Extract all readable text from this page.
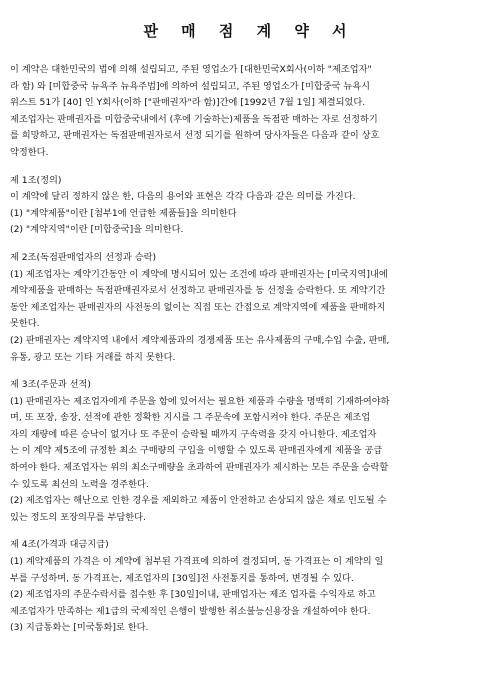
판 매 점 계 약 서
이 계약은 대한민국의 법에 의해 설립되고, 주된 영업소가 [대한민국X회사(이하 "제조업자"
라 함) 와 [미합중국 뉴욕주 뉴욕주법]에 의하여 설립되고, 주된 영업소가 [미합중국 뉴욕시
위스트 51가 [40] 인 Y회사(이하 ["판매권자"라 함)]간에 [1992년 7월 1일] 체결되었다.
제조업자는 판매권자를 미합중국내에서 (후에 기술하는)제품을 독점판 매하는 자로 선정하기
를 희망하고, 판매권자는 독점판매권자로서 선정 되기를 원하여 당사자들은 다음과 같이 상호
약정한다.
제 1조(정의)
이 계약에 달리 정하지 않은 한, 다음의 용어와 표현은 각각 다음과 같은 의미를 가진다.
(1) "계약제품"이란 [첨부1에 언급한 제품들]을 의미한다
(2) "계약지역"이란 [미합중국]을 의미한다.
제 2조(독점판매업자의 선정과 승락)
(1) 제조업자는 계약기간동안 이 계약에 명시되어 있는 조건에 따라 판매권자는 [미국지역]내에
계약제품을 판매하는 독점판매권자로서 선정하고 판매권자를 동 선정을 승락한다. 또 계약기간
동안 제조업자는 판매권자의 사전동의 없이는 직접 또는 간접으로 계약지역에 제품을 판매하지
못한다.
(2) 판매권자는 계약지역 내에서 계약제품과의 경쟁제품 또는 유사제품의 구매,수입 수출, 판매,
유통, 광고 또는 기타 거래를 하지 못한다.
제 3조(주문과 선적)
(1) 판매권자는 제조업자에게 주문을 함에 있어서는 필요한 제품과 수량을 명백히 기재하여야하
며, 또 포장, 송장, 선적에 관한 정확한 지시를 그 주문속에 포함시켜야 한다. 주문은 제조업
자의 재량에 따른 승낙이 없거나 또 주문이 승락될 때까지 구속력을 갖지 아니한다. 제조업자
는 이 계약 제5조에 규정한 최소 구매량의 구입을 이행할 수 있도록 판매권자에게 제품을 공급
하여야 한다. 제조업자는 위의 최소구매량을 초과하여 판매권자가 제시하는 모든 주문을 승락할
수 있도록 최선의 노력을 경주한다.
(2) 제조업자는 해난으로 인한 경우를 제외하고 제품이 안전하고 손상되지 않은 채로 인도될 수
있는 정도의 포장의무를 부담한다.
제 4조(가격과 대금지급)
(1) 계약제품의 가격은 이 계약에 첨부된 가격표에 의하여 결정되며, 동 가격표는 이 계약의 일
부를 구성하며, 동 가격표는, 제조업자의 [30일]전 사전통지를 통하여, 변경될 수 있다.
(2) 제조업자의 주문수락서를 접수한 후 [30일]이내, 판매업자는 제조 업자를 수익자로 하고
제조업자가 만족하는 제1급의 국제적인 은행이 발행한 취소불능신용장을 개설하여야 한다.
(3) 지급통화는 [미국통화]로 한다.
